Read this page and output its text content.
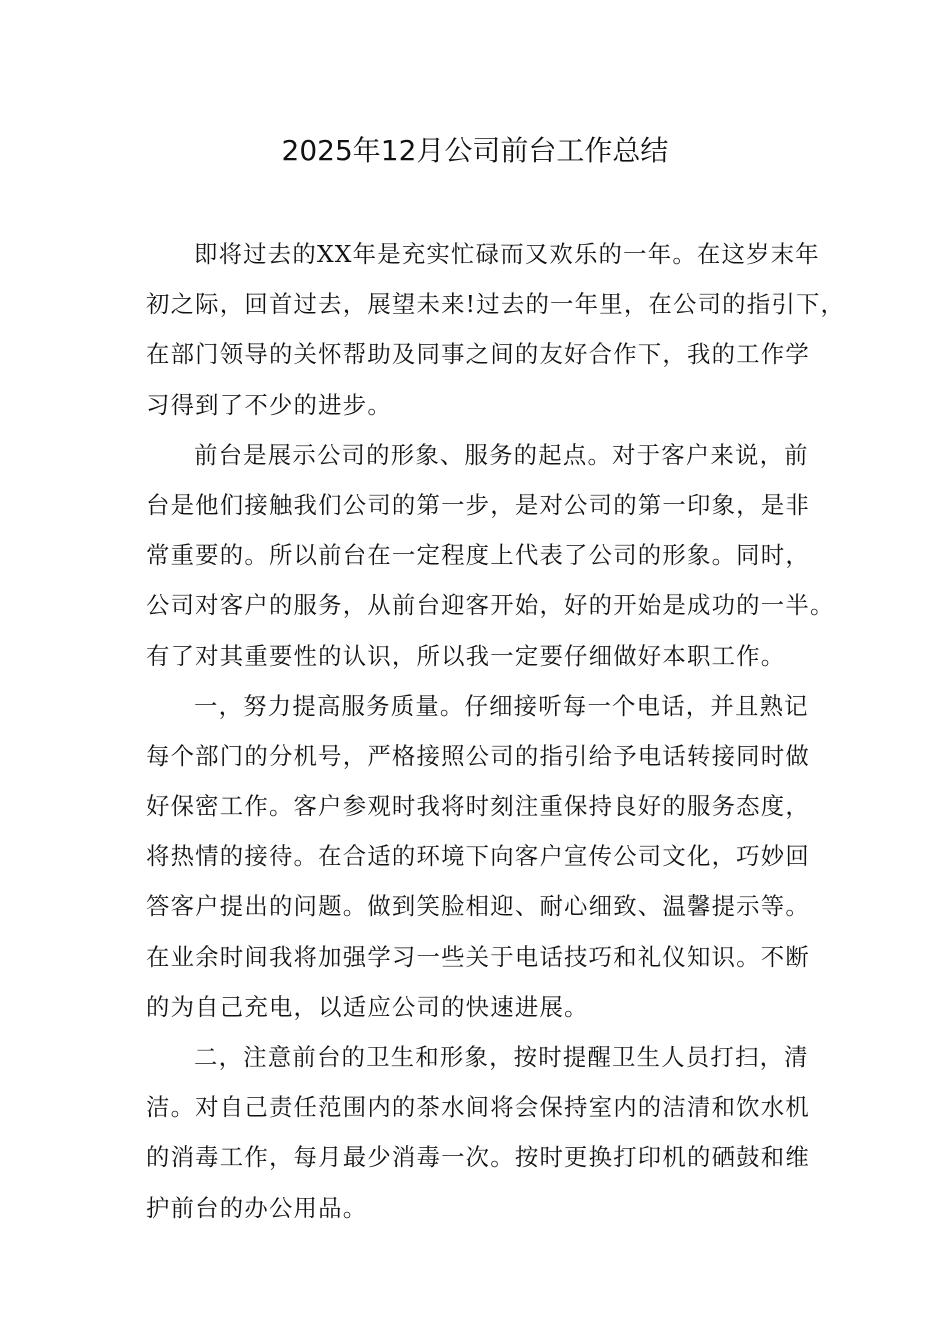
2025年12月公司前台工作总结
即将过去的XX年是充实忙碌而又欢乐的一年。在这岁末年
初之际，回首过去，展望未来!过去的一年里，在公司的指引下，
在部门领导的关怀帮助及同事之间的友好合作下，我的工作学
习得到了不少的进步。
前台是展示公司的形象、服务的起点。对于客户来说，前
台是他们接触我们公司的第一步，是对公司的第一印象，是非
常重要的。所以前台在一定程度上代表了公司的形象。同时，
公司对客户的服务，从前台迎客开始，好的开始是成功的一半。
有了对其重要性的认识，所以我一定要仔细做好本职工作。
一，努力提高服务质量。仔细接听每一个电话，并且熟记
每个部门的分机号，严格接照公司的指引给予电话转接同时做
好保密工作。客户参观时我将时刻注重保持良好的服务态度，
将热情的接待。在合适的环境下向客户宣传公司文化，巧妙回
答客户提出的问题。做到笑脸相迎、耐心细致、温馨提示等。
在业余时间我将加强学习一些关于电话技巧和礼仪知识。不断
的为自己充电，以适应公司的快速进展。
二，注意前台的卫生和形象，按时提醒卫生人员打扫，清
洁。对自己责任范围内的茶水间将会保持室内的洁清和饮水机
的消毒工作，每月最少消毒一次。按时更换打印机的硒鼓和维
护前台的办公用品。
